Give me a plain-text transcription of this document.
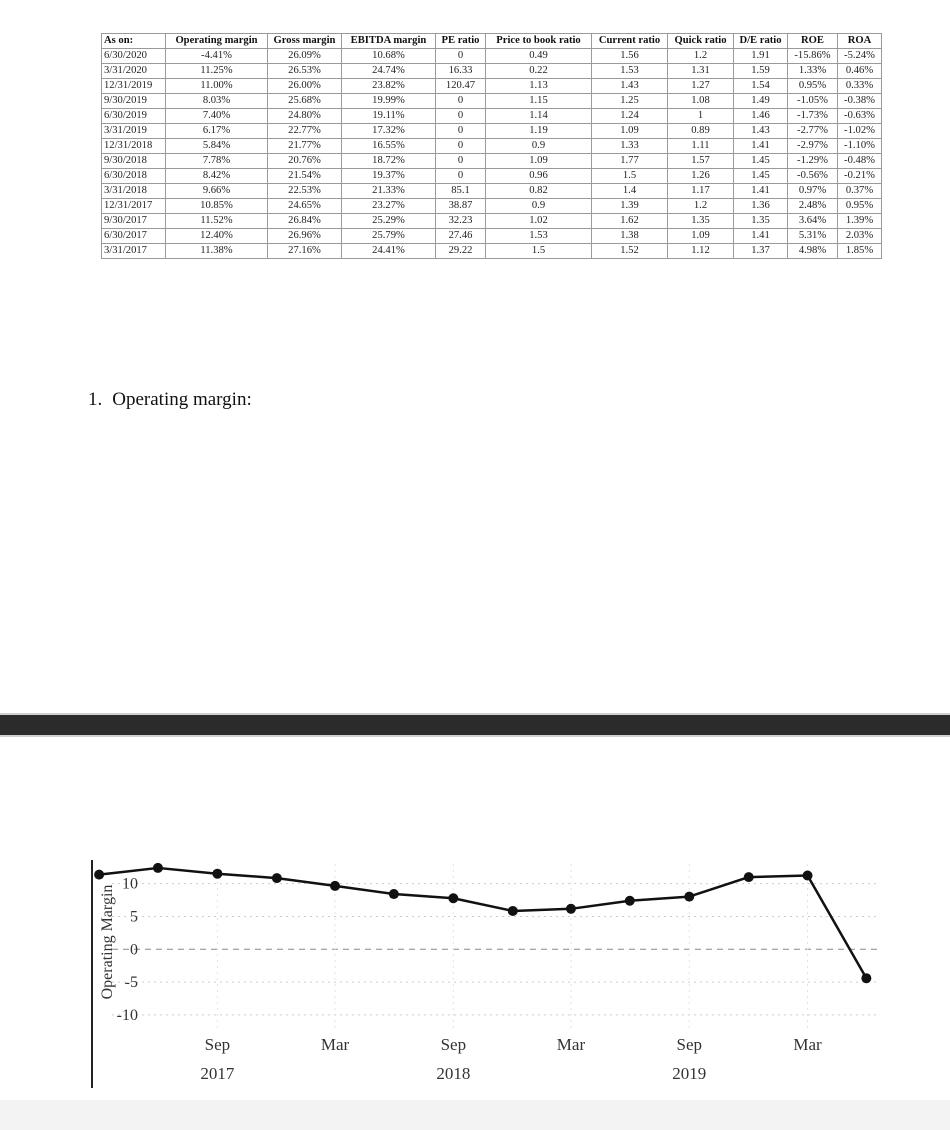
As on:	Operating margin	Gross margin	EBITDA margin	PE ratio	Price to book ratio	Current ratio	Quick ratio	D/E ratio	ROE	ROA
6/30/2020	-4.41%	26.09%	10.68%	0	0.49	1.56	1.2	1.91	-15.86%	-5.24%
3/31/2020	11.25%	26.53%	24.74%	16.33	0.22	1.53	1.31	1.59	1.33%	0.46%
12/31/2019	11.00%	26.00%	23.82%	120.47	1.13	1.43	1.27	1.54	0.95%	0.33%
9/30/2019	8.03%	25.68%	19.99%	0	1.15	1.25	1.08	1.49	-1.05%	-0.38%
6/30/2019	7.40%	24.80%	19.11%	0	1.14	1.24	1	1.46	-1.73%	-0.63%
3/31/2019	6.17%	22.77%	17.32%	0	1.19	1.09	0.89	1.43	-2.77%	-1.02%
12/31/2018	5.84%	21.77%	16.55%	0	0.9	1.33	1.11	1.41	-2.97%	-1.10%
9/30/2018	7.78%	20.76%	18.72%	0	1.09	1.77	1.57	1.45	-1.29%	-0.48%
6/30/2018	8.42%	21.54%	19.37%	0	0.96	1.5	1.26	1.45	-0.56%	-0.21%
3/31/2018	9.66%	22.53%	21.33%	85.1	0.82	1.4	1.17	1.41	0.97%	0.37%
12/31/2017	10.85%	24.65%	23.27%	38.87	0.9	1.39	1.2	1.36	2.48%	0.95%
9/30/2017	11.52%	26.84%	25.29%	32.23	1.02	1.62	1.35	1.35	3.64%	1.39%
6/30/2017	12.40%	26.96%	25.79%	27.46	1.53	1.38	1.09	1.41	5.31%	2.03%
3/31/2017	11.38%	27.16%	24.41%	29.22	1.5	1.52	1.12	1.37	4.98%	1.85%
1. Operating margin:
10
5
0
-5
-10
Sep
2017
Mar	Sep
2018
Mar	Sep
2019
Mar
Operating Margin
